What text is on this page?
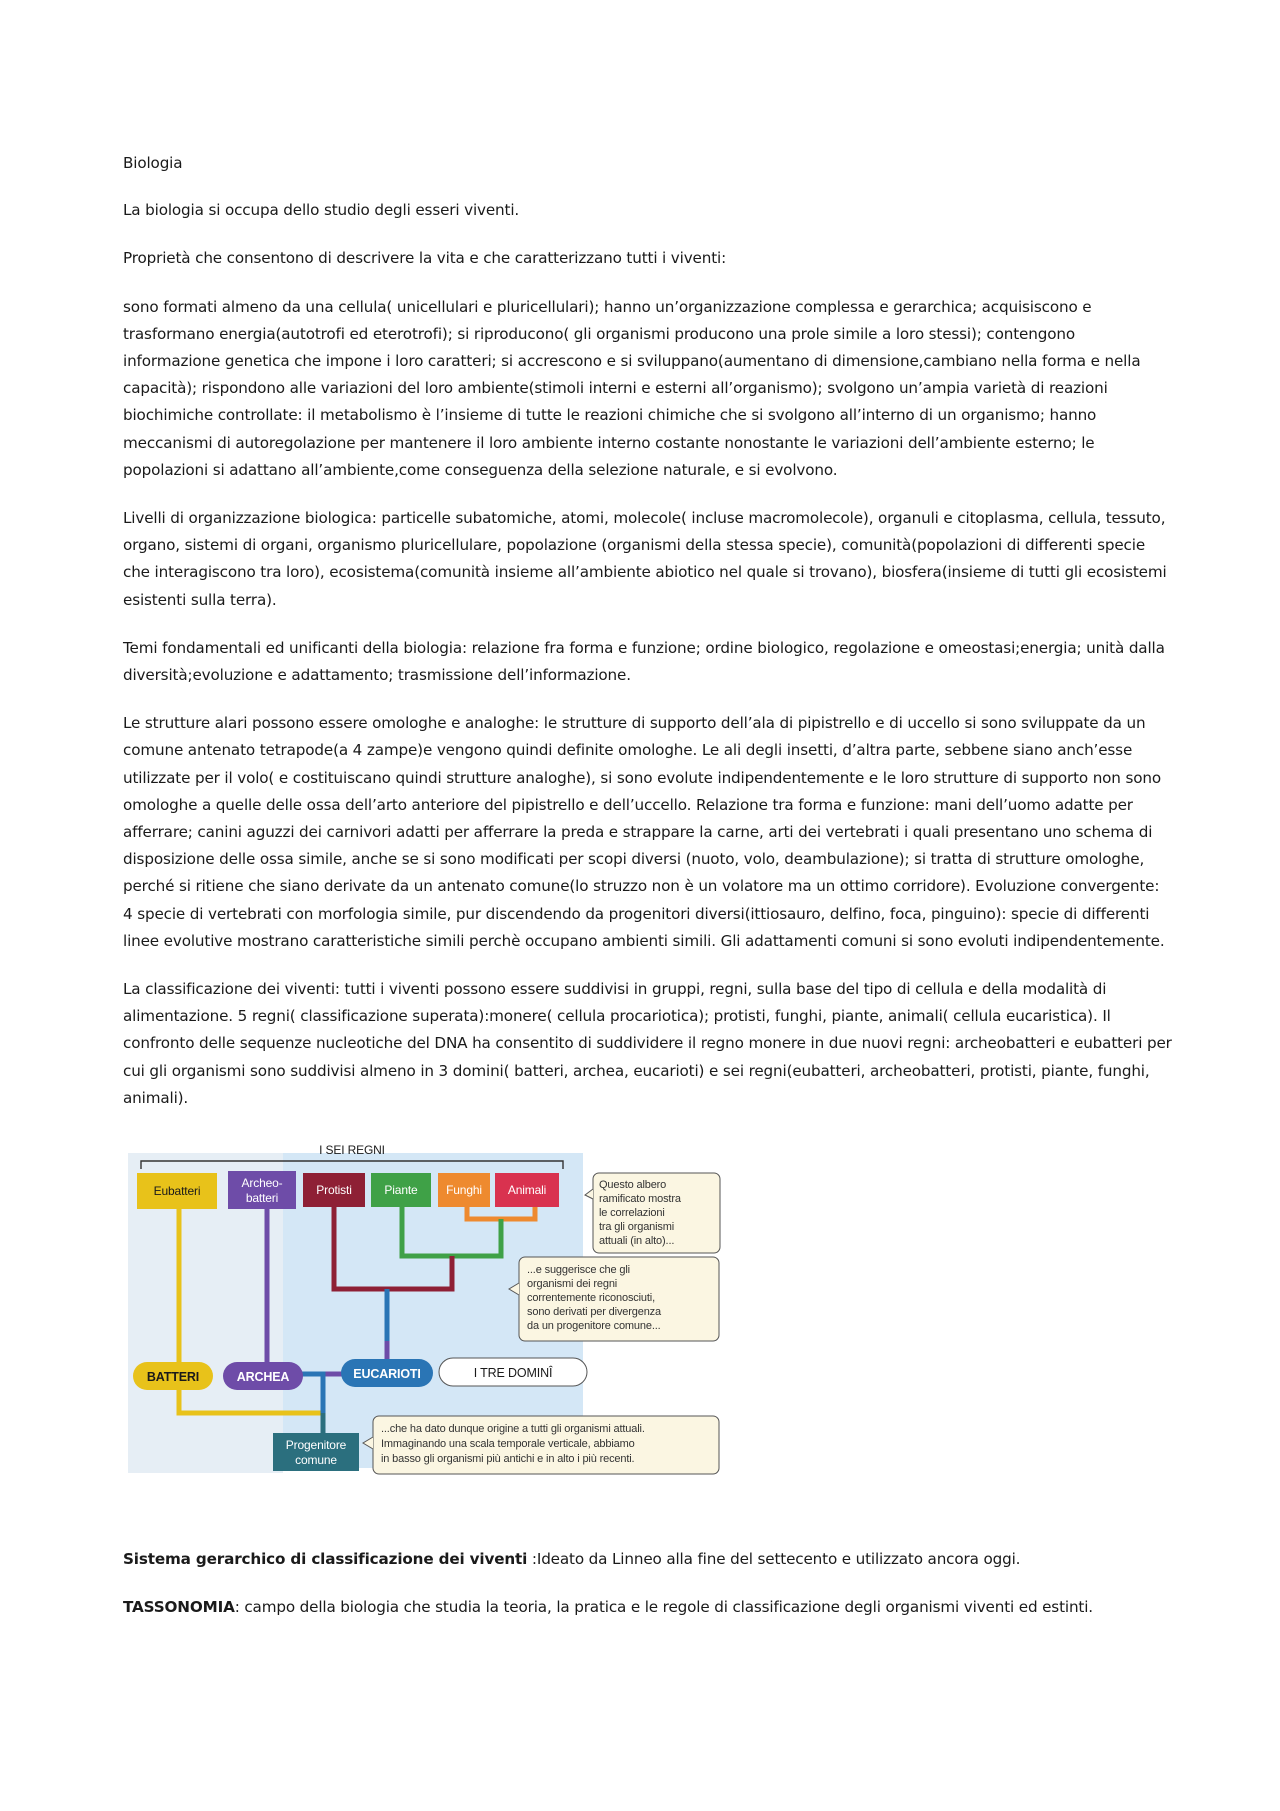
Biologia

La biologia si occupa dello studio degli esseri viventi.

Proprietà che consentono di descrivere la vita e che caratterizzano tutti i viventi:

sono formati almeno da una cellula( unicellulari e pluricellulari); hanno un’organizzazione complessa e gerarchica; acquisiscono e trasformano energia(autotrofi ed eterotrofi); si riproducono( gli organismi producono una prole simile a loro stessi); contengono informazione genetica che impone i loro caratteri; si accrescono e si sviluppano(aumentano di dimensione,cambiano nella forma e nella capacità); rispondono alle variazioni del loro ambiente(stimoli interni e esterni all’organismo); svolgono un’ampia varietà di reazioni biochimiche controllate: il metabolismo è l’insieme di tutte le reazioni chimiche che si svolgono all’interno di un organismo; hanno meccanismi di autoregolazione per mantenere il loro ambiente interno costante nonostante le variazioni dell’ambiente esterno; le popolazioni si adattano all’ambiente,come conseguenza della selezione naturale, e si evolvono.

Livelli di organizzazione biologica: particelle subatomiche, atomi, molecole( incluse macromolecole), organuli e citoplasma, cellula, tessuto, organo, sistemi di organi, organismo pluricellulare, popolazione (organismi della stessa specie), comunità(popolazioni di differenti specie che interagiscono tra loro), ecosistema(comunità insieme all’ambiente abiotico nel quale si trovano), biosfera(insieme di tutti gli ecosistemi esistenti sulla terra).

Temi fondamentali ed unificanti della biologia: relazione fra forma e funzione; ordine biologico, regolazione e omeostasi;energia; unità dalla diversità;evoluzione e adattamento; trasmissione dell’informazione.

Le strutture alari possono essere omologhe e analoghe: le strutture di supporto dell’ala di pipistrello e di uccello si sono sviluppate da un comune antenato tetrapode(a 4 zampe)e vengono quindi definite omologhe. Le ali degli insetti, d’altra parte, sebbene siano anch’esse utilizzate per il volo( e costituiscano quindi strutture analoghe), si sono evolute indipendentemente e le loro strutture di supporto non sono omologhe a quelle delle ossa dell’arto anteriore del pipistrello e dell’uccello. Relazione tra forma e funzione: mani dell’uomo adatte per afferrare; canini aguzzi dei carnivori adatti per afferrare la preda e strappare la carne, arti dei vertebrati i quali presentano uno schema di disposizione delle ossa simile, anche se si sono modificati per scopi diversi (nuoto, volo, deambulazione); si tratta di strutture omologhe, perché si ritiene che siano derivate da un antenato comune(lo struzzo non è un volatore ma un ottimo corridore). Evoluzione convergente: 4 specie di vertebrati con morfologia simile, pur discendendo da progenitori diversi(ittiosauro, delfino, foca, pinguino): specie di differenti linee evolutive mostrano caratteristiche simili perchè occupano ambienti simili. Gli adattamenti comuni si sono evoluti indipendentemente.

La classificazione dei viventi: tutti i viventi possono essere suddivisi in gruppi, regni, sulla base del tipo di cellula e della modalità di alimentazione. 5 regni( classificazione superata):monere( cellula procariotica); protisti, funghi, piante, animali( cellula eucaristica). Il confronto delle sequenze nucleotiche del DNA ha consentito di suddividere il regno monere in due nuovi regni: archeobatteri e eubatteri per cui gli organismi sono suddivisi almeno in 3 domini( batteri, archea, eucarioti) e sei regni(eubatteri, archeobatteri, protisti, piante, funghi, animali).

I SEI REGNI
Eubatteri
Archeo-
batteri
Protisti	Piante Funghi Animali
BATTERI	ARCHEA	EUCARIOTI	I TRE DOMINÎ
Progenitore
comune
Questo albero
ramificato mostra
le correlazioni
tra gli organismi
attuali (in alto)...
...e suggerisce che gli
organismi dei regni
correntemente riconosciuti,
sono derivati per divergenza
da un progenitore comune...
...che ha dato dunque origine a tutti gli organismi attuali.
Immaginando una scala temporale verticale, abbiamo
in basso gli organismi più antichi e in alto i più recenti.

Sistema gerarchico di classificazione dei viventi :Ideato da Linneo alla fine del settecento e utilizzato ancora oggi.

TASSONOMIA: campo della biologia che studia la teoria, la pratica e le regole di classificazione degli organismi viventi ed estinti.
